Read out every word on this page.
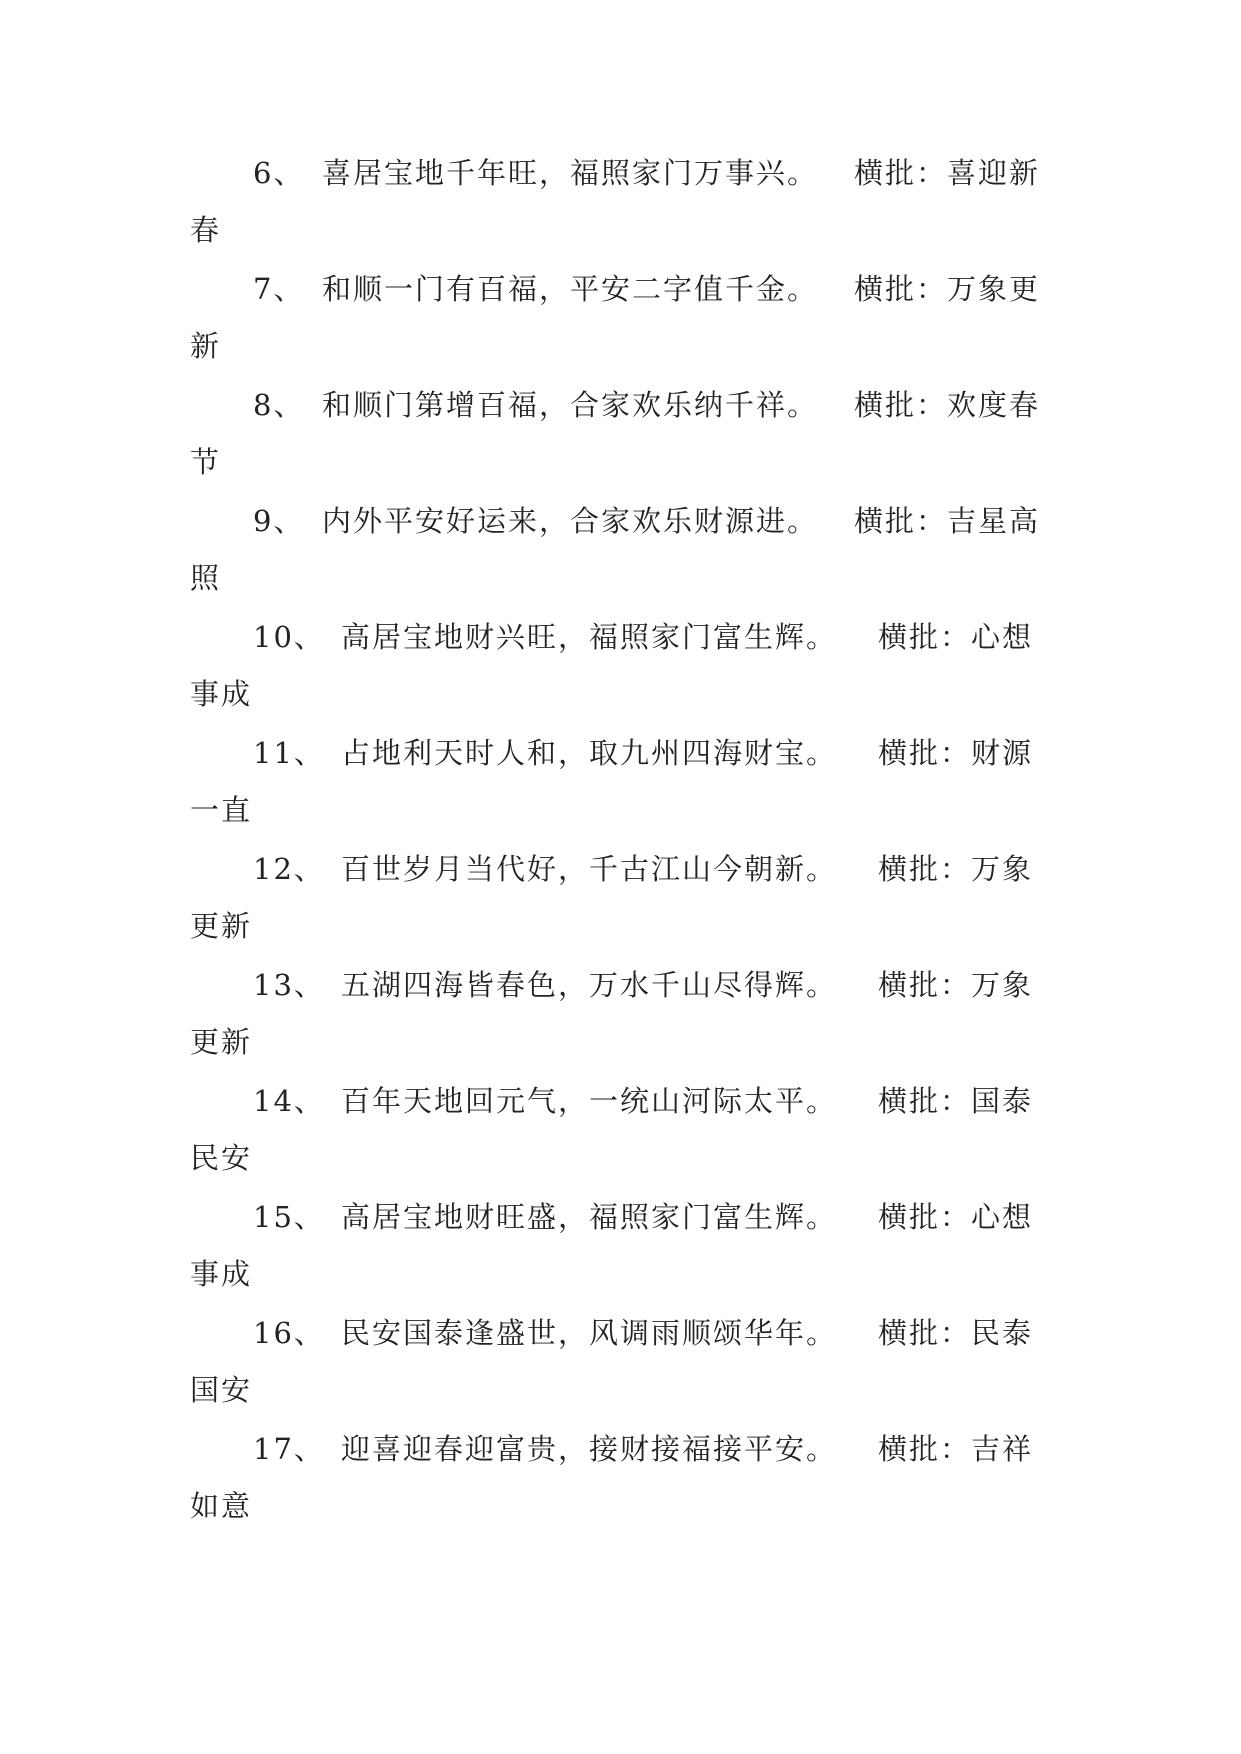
6、 喜居宝地千年旺，福照家门万事兴。 横批：喜迎新
春
7、 和顺一门有百福，平安二字值千金。 横批：万象更
新
8、 和顺门第增百福，合家欢乐纳千祥。 横批：欢度春
节
9、 内外平安好运来，合家欢乐财源进。 横批：吉星高
照
10、 高居宝地财兴旺，福照家门富生辉。 横批：心想
事成
11、 占地利天时人和，取九州四海财宝。 横批：财源
一直
12、 百世岁月当代好，千古江山今朝新。 横批：万象
更新
13、 五湖四海皆春色，万水千山尽得辉。 横批：万象
更新
14、 百年天地回元气，一统山河际太平。 横批：国泰
民安
15、 高居宝地财旺盛，福照家门富生辉。 横批：心想
事成
16、 民安国泰逢盛世，风调雨顺颂华年。 横批：民泰
国安
17、 迎喜迎春迎富贵，接财接福接平安。 横批：吉祥
如意
